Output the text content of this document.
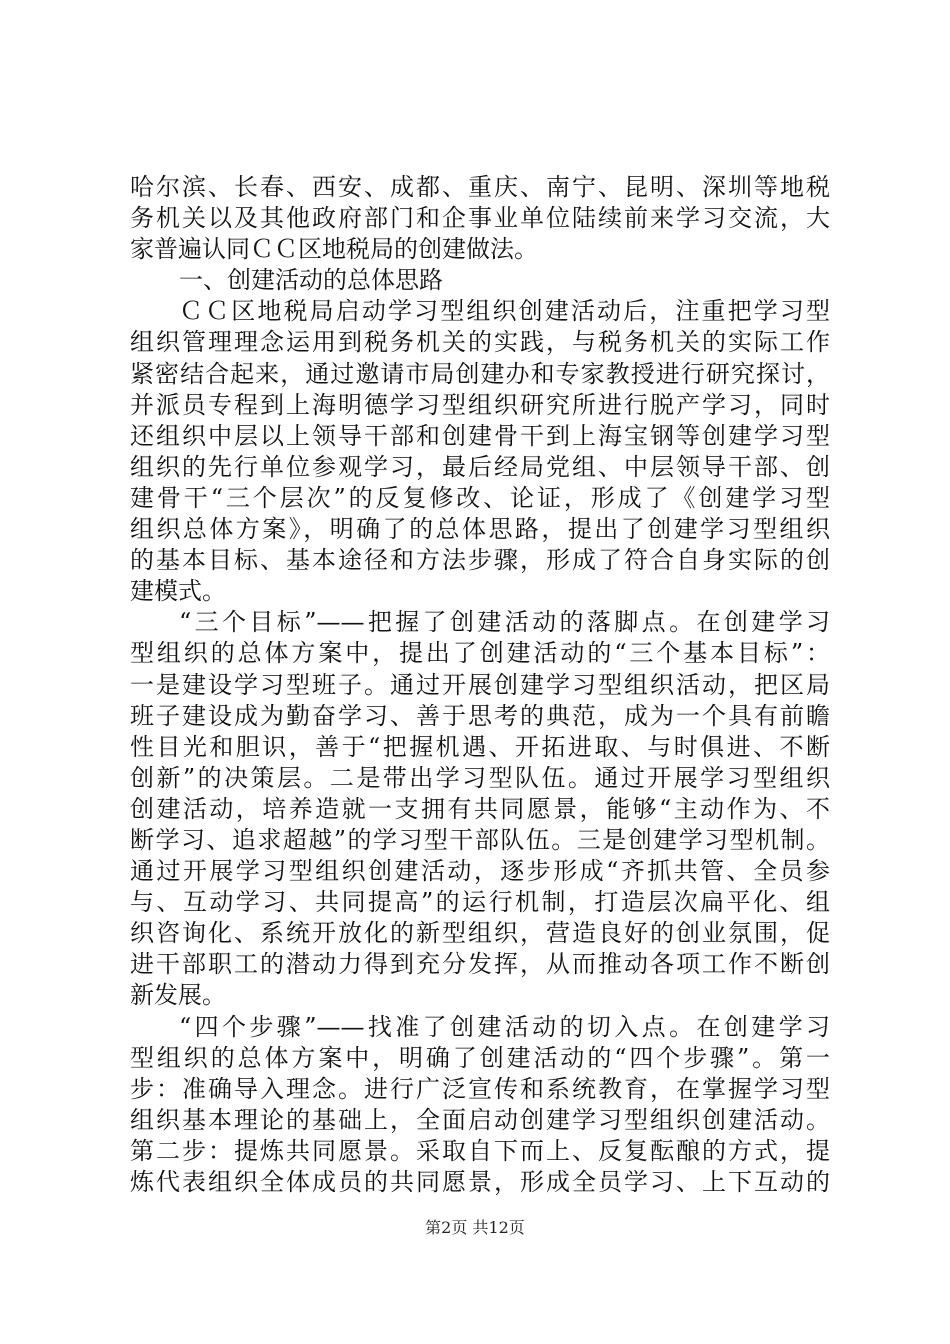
哈尔滨、长春、西安、成都、重庆、南宁、昆明、深圳等地税
务机关以及其他政府部门和企事业单位陆续前来学习交流，大
家普遍认同ＣＣ区地税局的创建做法。
一、创建活动的总体思路
ＣＣ区地税局启动学习型组织创建活动后，注重把学习型
组织管理理念运用到税务机关的实践，与税务机关的实际工作
紧密结合起来，通过邀请市局创建办和专家教授进行研究探讨，
并派员专程到上海明德学习型组织研究所进行脱产学习，同时
还组织中层以上领导干部和创建骨干到上海宝钢等创建学习型
组织的先行单位参观学习，最后经局党组、中层领导干部、创
建骨干“三个层次”的反复修改、论证，形成了《创建学习型
组织总体方案》，明确了的总体思路，提出了创建学习型组织
的基本目标、基本途径和方法步骤，形成了符合自身实际的创
建模式。
“三个目标”——把握了创建活动的落脚点。在创建学习
型组织的总体方案中，提出了创建活动的“三个基本目标”：
一是建设学习型班子。通过开展创建学习型组织活动，把区局
班子建设成为勤奋学习、善于思考的典范，成为一个具有前瞻
性目光和胆识，善于“把握机遇、开拓进取、与时俱进、不断
创新”的决策层。二是带出学习型队伍。通过开展学习型组织
创建活动，培养造就一支拥有共同愿景，能够“主动作为、不
断学习、追求超越”的学习型干部队伍。三是创建学习型机制。
通过开展学习型组织创建活动，逐步形成“齐抓共管、全员参
与、互动学习、共同提高”的运行机制，打造层次扁平化、组
织咨询化、系统开放化的新型组织，营造良好的创业氛围，促
进干部职工的潜动力得到充分发挥，从而推动各项工作不断创
新发展。
“四个步骤”——找准了创建活动的切入点。在创建学习
型组织的总体方案中，明确了创建活动的“四个步骤”。第一
步：准确导入理念。进行广泛宣传和系统教育，在掌握学习型
组织基本理论的基础上，全面启动创建学习型组织创建活动。
第二步：提炼共同愿景。采取自下而上、反复酝酿的方式，提
炼代表组织全体成员的共同愿景，形成全员学习、上下互动的
第2页 共12页
